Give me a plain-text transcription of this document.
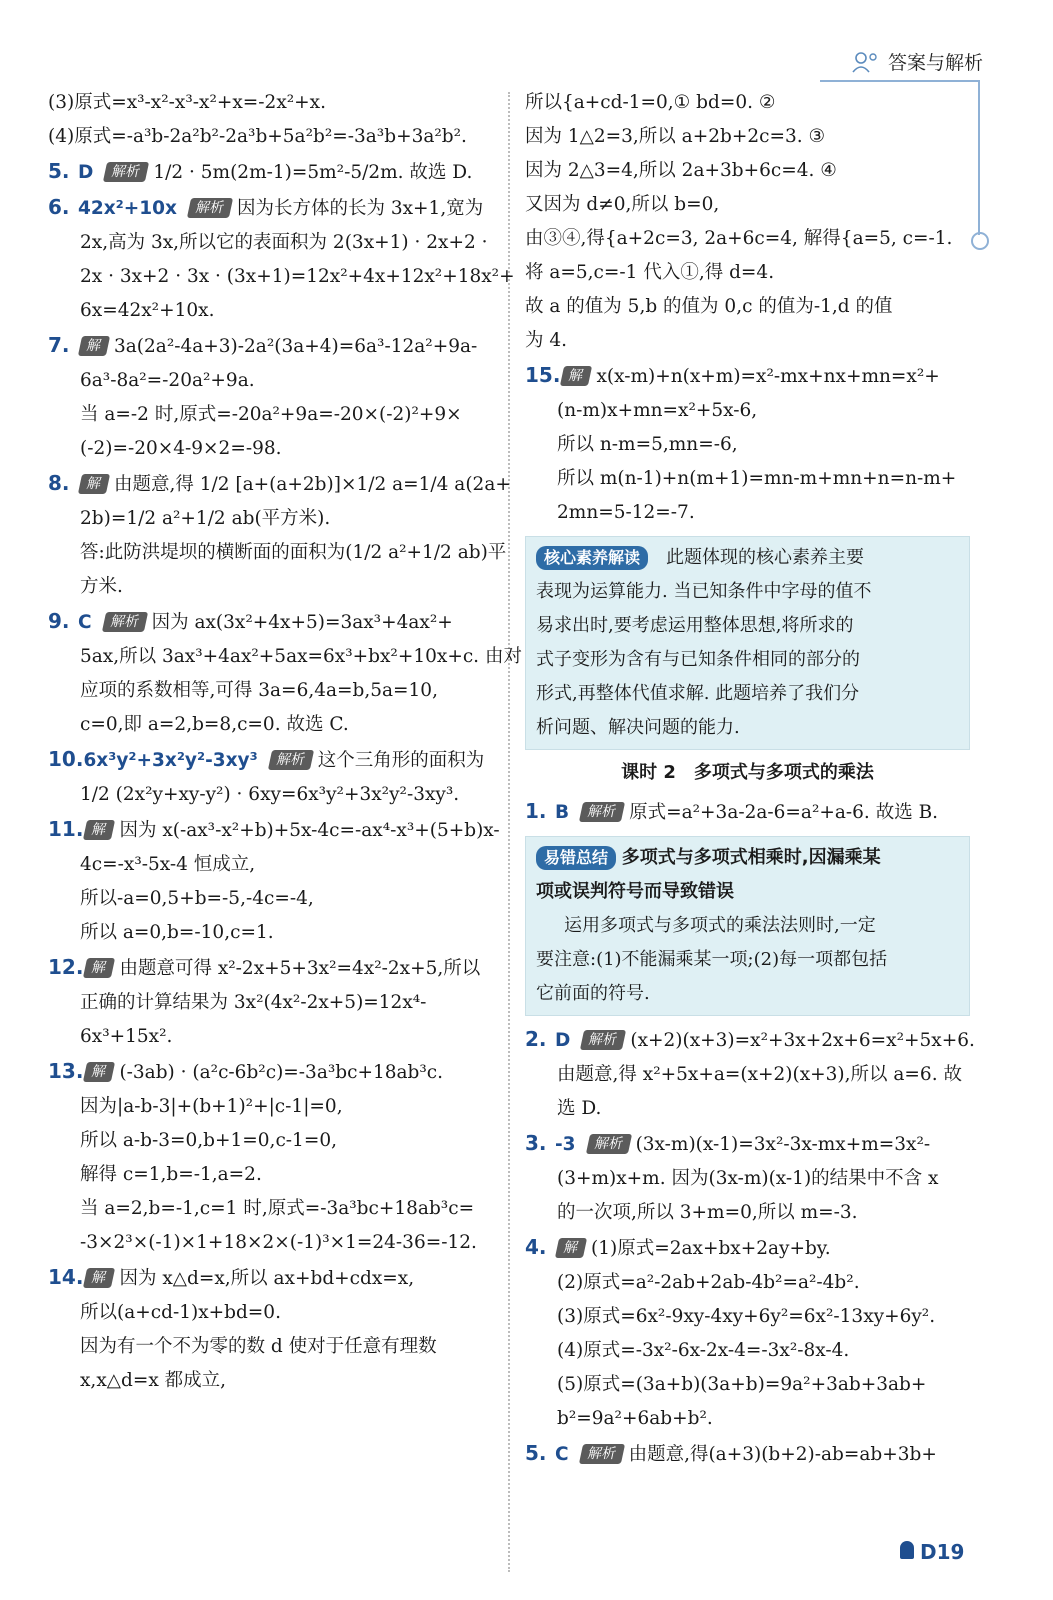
答案与解析
(3)原式=x³-x²-x³-x²+x=-2x²+x.
(4)原式=-a³b-2a²b²-2a³b+5a²b²=-3a³b+3a²b².
5. D 解析 1/2 · 5m(2m-1)=5m²-5/2m. 故选 D.
6. 42x²+10x 解析 因为长方体的长为 3x+1,宽为
2x,高为 3x,所以它的表面积为 2(3x+1) · 2x+2 ·
2x · 3x+2 · 3x · (3x+1)=12x²+4x+12x²+18x²+
6x=42x²+10x.
7. 解 3a(2a²-4a+3)-2a²(3a+4)=6a³-12a²+9a-
6a³-8a²=-20a²+9a.
当 a=-2 时,原式=-20a²+9a=-20×(-2)²+9×
(-2)=-20×4-9×2=-98.
8. 解 由题意,得 1/2 [a+(a+2b)]×1/2 a=1/4 a(2a+
2b)=1/2 a²+1/2 ab(平方米).
答:此防洪堤坝的横断面的面积为(1/2 a²+1/2 ab)平
方米.
9. C 解析 因为 ax(3x²+4x+5)=3ax³+4ax²+
5ax,所以 3ax³+4ax²+5ax=6x³+bx²+10x+c. 由对
应项的系数相等,可得 3a=6,4a=b,5a=10,
c=0,即 a=2,b=8,c=0. 故选 C.
10.6x³y²+3x²y²-3xy³ 解析 这个三角形的面积为
1/2 (2x²y+xy-y²) · 6xy=6x³y²+3x²y²-3xy³.
11. 解 因为 x(-ax³-x²+b)+5x-4c=-ax⁴-x³+(5+b)x-
4c=-x³-5x-4 恒成立,
所以-a=0,5+b=-5,-4c=-4,
所以 a=0,b=-10,c=1.
12. 解 由题意可得 x²-2x+5+3x²=4x²-2x+5,所以
正确的计算结果为 3x²(4x²-2x+5)=12x⁴-
6x³+15x².
13. 解 (-3ab) · (a²c-6b²c)=-3a³bc+18ab³c.
因为|a-b-3|+(b+1)²+|c-1|=0,
所以 a-b-3=0,b+1=0,c-1=0,
解得 c=1,b=-1,a=2.
当 a=2,b=-1,c=1 时,原式=-3a³bc+18ab³c=
-3×2³×(-1)×1+18×2×(-1)³×1=24-36=-12.
14. 解 因为 x△d=x,所以 ax+bd+cdx=x,
所以(a+cd-1)x+bd=0.
因为有一个不为零的数 d 使对于任意有理数
x,x△d=x 都成立,
所以{a+cd-1=0,① bd=0. ②
因为 1△2=3,所以 a+2b+2c=3. ③
因为 2△3=4,所以 2a+3b+6c=4. ④
又因为 d≠0,所以 b=0,
由③④,得{a+2c=3, 2a+6c=4, 解得{a=5, c=-1.
将 a=5,c=-1 代入①,得 d=4.
故 a 的值为 5,b 的值为 0,c 的值为-1,d 的值
为 4.
15. 解 x(x-m)+n(x+m)=x²-mx+nx+mn=x²+
(n-m)x+mn=x²+5x-6,
所以 n-m=5,mn=-6,
所以 m(n-1)+n(m+1)=mn-m+mn+n=n-m+
2mn=5-12=-7.
核心素养解读　 此题体现的核心素养主要
表现为运算能力. 当已知条件中字母的值不
易求出时,要考虑运用整体思想,将所求的
式子变形为含有与已知条件相同的部分的
形式,再整体代值求解. 此题培养了我们分
析问题、解决问题的能力.
课时 2　多项式与多项式的乘法
1. B 解析 原式=a²+3a-2a-6=a²+a-6. 故选 B.
易错总结 多项式与多项式相乘时,因漏乘某
项或误判符号而导致错误
运用多项式与多项式的乘法法则时,一定
要注意:(1)不能漏乘某一项;(2)每一项都包括
它前面的符号.
2. D 解析 (x+2)(x+3)=x²+3x+2x+6=x²+5x+6.
由题意,得 x²+5x+a=(x+2)(x+3),所以 a=6. 故
选 D.
3. -3 解析 (3x-m)(x-1)=3x²-3x-mx+m=3x²-
(3+m)x+m. 因为(3x-m)(x-1)的结果中不含 x
的一次项,所以 3+m=0,所以 m=-3.
4. 解 (1)原式=2ax+bx+2ay+by.
(2)原式=a²-2ab+2ab-4b²=a²-4b².
(3)原式=6x²-9xy-4xy+6y²=6x²-13xy+6y².
(4)原式=-3x²-6x-2x-4=-3x²-8x-4.
(5)原式=(3a+b)(3a+b)=9a²+3ab+3ab+
b²=9a²+6ab+b².
5. C 解析 由题意,得(a+3)(b+2)-ab=ab+3b+
D19
